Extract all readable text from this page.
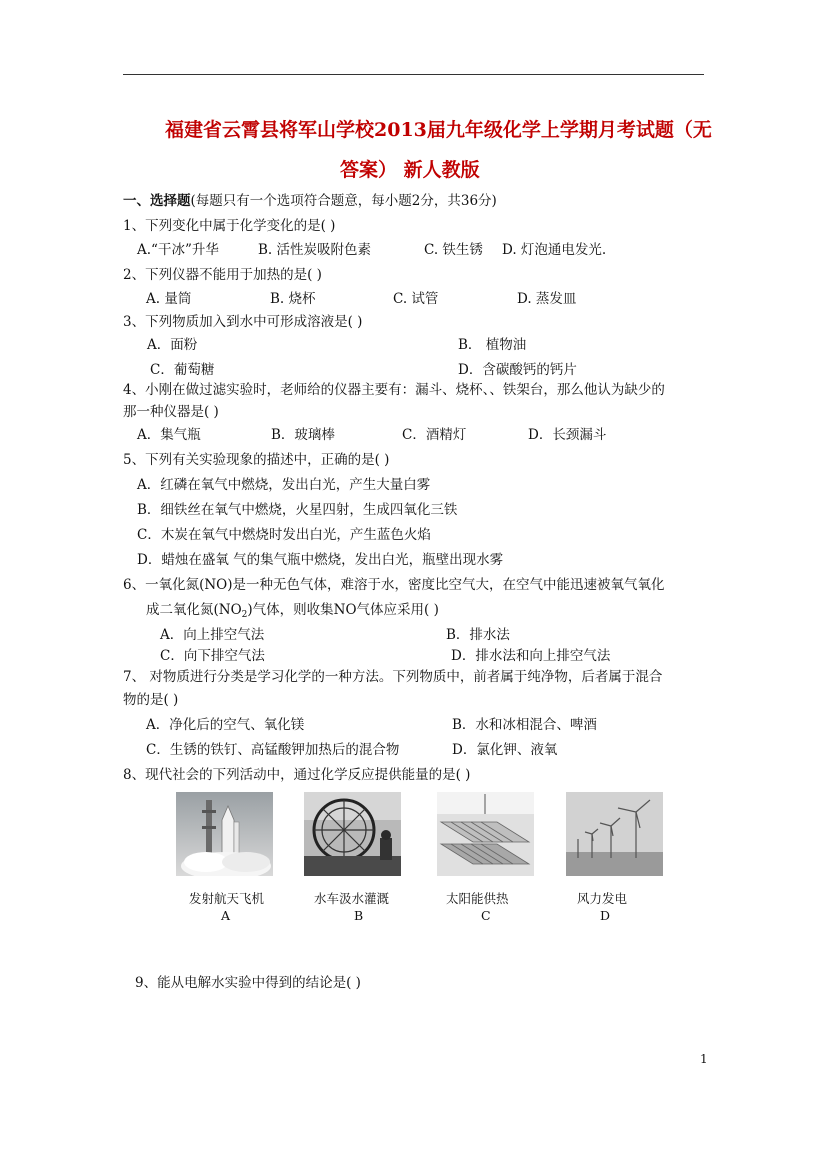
福建省云霄县将军山学校2013届九年级化学上学期月考试题（无
答案） 新人教版
一、选择题(每题只有一个选项符合题意，每小题2分，共36分)
1、下列变化中属于化学变化的是( )
A.“干冰”升华	B. 活性炭吸附色素	C. 铁生锈 D. 灯泡通电发光.
2、下列仪器不能用于加热的是( )
A. 量筒	B. 烧杯	C. 试管	D. 蒸发皿
3、下列物质加入到水中可形成溶液是( )
A．面粉	B． 植物油
C．葡萄糖	D．含碳酸钙的钙片
4、小刚在做过滤实验时，老师给的仪器主要有：漏斗、烧杯、、铁架台，那么他认为缺少的
那一种仪器是( )
A．集气瓶	B．玻璃棒	C．酒精灯	D．长颈漏斗
5、下列有关实验现象的描述中，正确的是( )
A．红磷在氧气中燃烧，发出白光，产生大量白雾
B．细铁丝在氧气中燃烧，火星四射，生成四氧化三铁
C．木炭在氧气中燃烧时发出白光，产生蓝色火焰
D．蜡烛在盛氧 气的集气瓶中燃烧，发出白光，瓶壁出现水雾
6、一氧化氮(NO)是一种无色气体，难溶于水，密度比空气大，在空气中能迅速被氧气氧化
成二氧化氮$(NO_2)$气体，则收集NO气体应采用( )
A．向上排空气法	B．排水法
C．向下排空气法	D．排水法和向上排空气法
7、 对物质进行分类是学习化学的一种方法。下列物质中，前者属于纯净物，后者属于混合
物的是( )
A．净化后的空气、氧化镁	B．水和冰相混合、啤酒
C．生锈的铁钉、高锰酸钾加热后的混合物	D．氯化钾、液氧
8、现代社会的下列活动中，通过化学反应提供能量的是( )
发射航天飞机
A
水车汲水灌溉
B
太阳能供热
C
风力发电
D
9、能从电解水实验中得到的结论是( )
1
